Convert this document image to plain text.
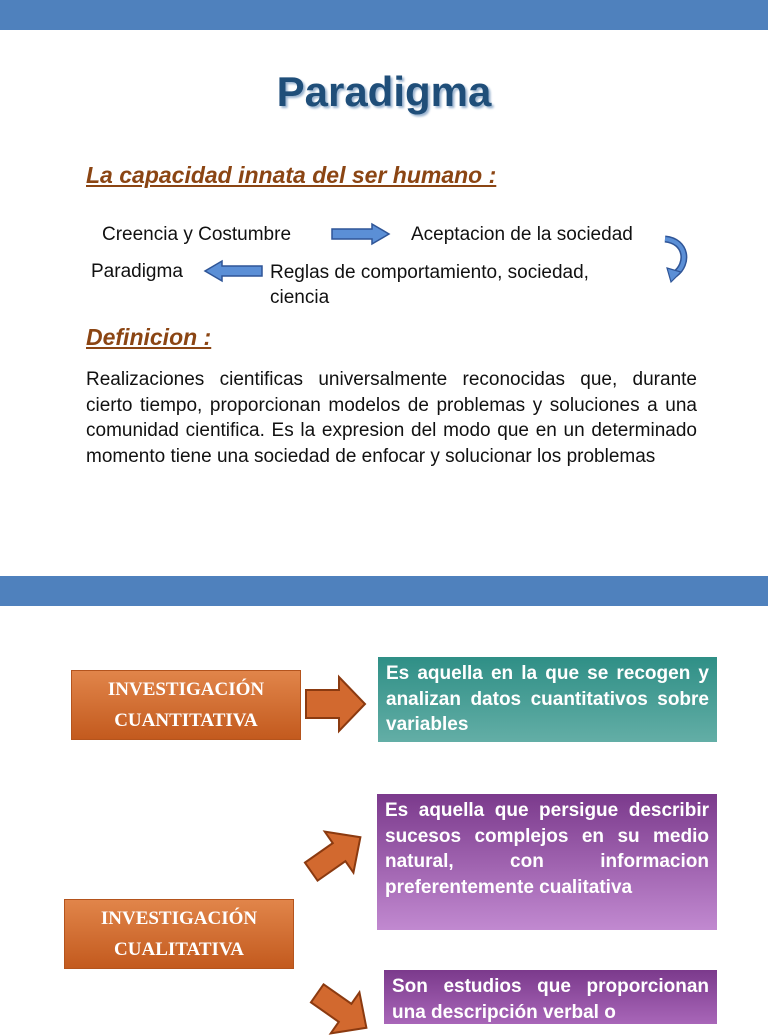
Paradigma
La capacidad innata del ser humano :
Creencia y Costumbre	Aceptacion de la sociedad
Paradigma	Reglas de comportamiento, sociedad,
ciencia
Definicion :
Realizaciones cientificas universalmente reconocidas que, durante cierto tiempo, proporcionan modelos de problemas y soluciones a una comunidad cientifica. Es la expresion del modo que en un determinado momento tiene una sociedad de enfocar y solucionar los problemas
INVESTIGACIÓN
CUANTITATIVA
Es aquella en la que se recogen y analizan datos cuantitativos sobre variables
Es aquella que persigue describir sucesos complejos en su medio natural, con informacion preferentemente cualitativa
INVESTIGACIÓN
CUALITATIVA
Son estudios que proporcionan una descripción verbal o
